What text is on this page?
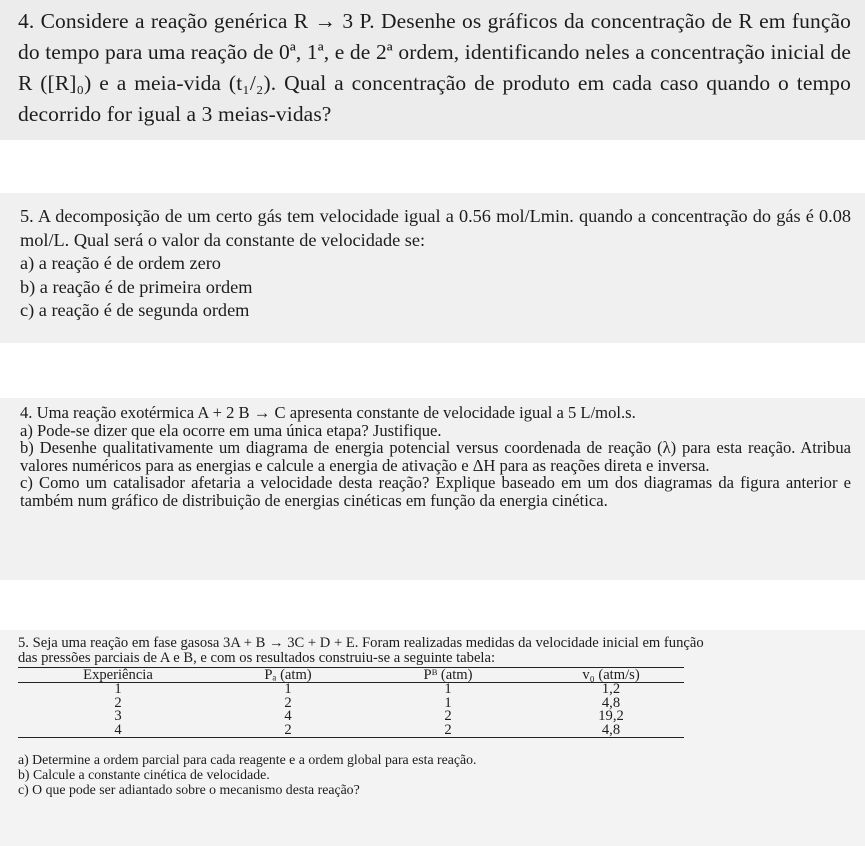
4. Considere a reação genérica R → 3 P. Desenhe os gráficos da concentração de R em função do tempo para uma reação de 0ª, 1ª, e de 2ª ordem, identificando neles a concentração inicial de R ([R]₀) e a meia-vida (t₁/₂). Qual a concentração de produto em cada caso quando o tempo decorrido for igual a 3 meias-vidas?

5. A decomposição de um certo gás tem velocidade igual a 0.56 mol/Lmin. quando a concentração do gás é 0.08 mol/L. Qual será o valor da constante de velocidade se:

a) a reação é de ordem zero
b) a reação é de primeira ordem
c) a reação é de segunda ordem

4. Uma reação exotérmica A + 2 B → C apresenta constante de velocidade igual a 5 L/mol.s.

a) Pode-se dizer que ela ocorre em uma única etapa? Justifique.

b) Desenhe qualitativamente um diagrama de energia potencial versus coordenada de reação (λ) para esta reação. Atribua valores numéricos para as energias e calcule a energia de ativação e ΔH para as reações direta e inversa.

c) Como um catalisador afetaria a velocidade desta reação? Explique baseado em um dos diagramas da figura anterior e também num gráfico de distribuição de energias cinéticas em função da energia cinética.

5. Seja uma reação em fase gasosa 3A + B → 3C + D + E. Foram realizadas medidas da velocidade inicial em função das pressões parciais de A e B, e com os resultados construiu-se a seguinte tabela:

Experiência	Pₐ (atm)	Pᴮ (atm)	v₀ (atm/s)
1	1	1	1,2
2	2	1	4,8
3	4	2	19,2
4	2	2	4,8

a) Determine a ordem parcial para cada reagente e a ordem global para esta reação.

b) Calcule a constante cinética de velocidade.

c) O que pode ser adiantado sobre o mecanismo desta reação?
